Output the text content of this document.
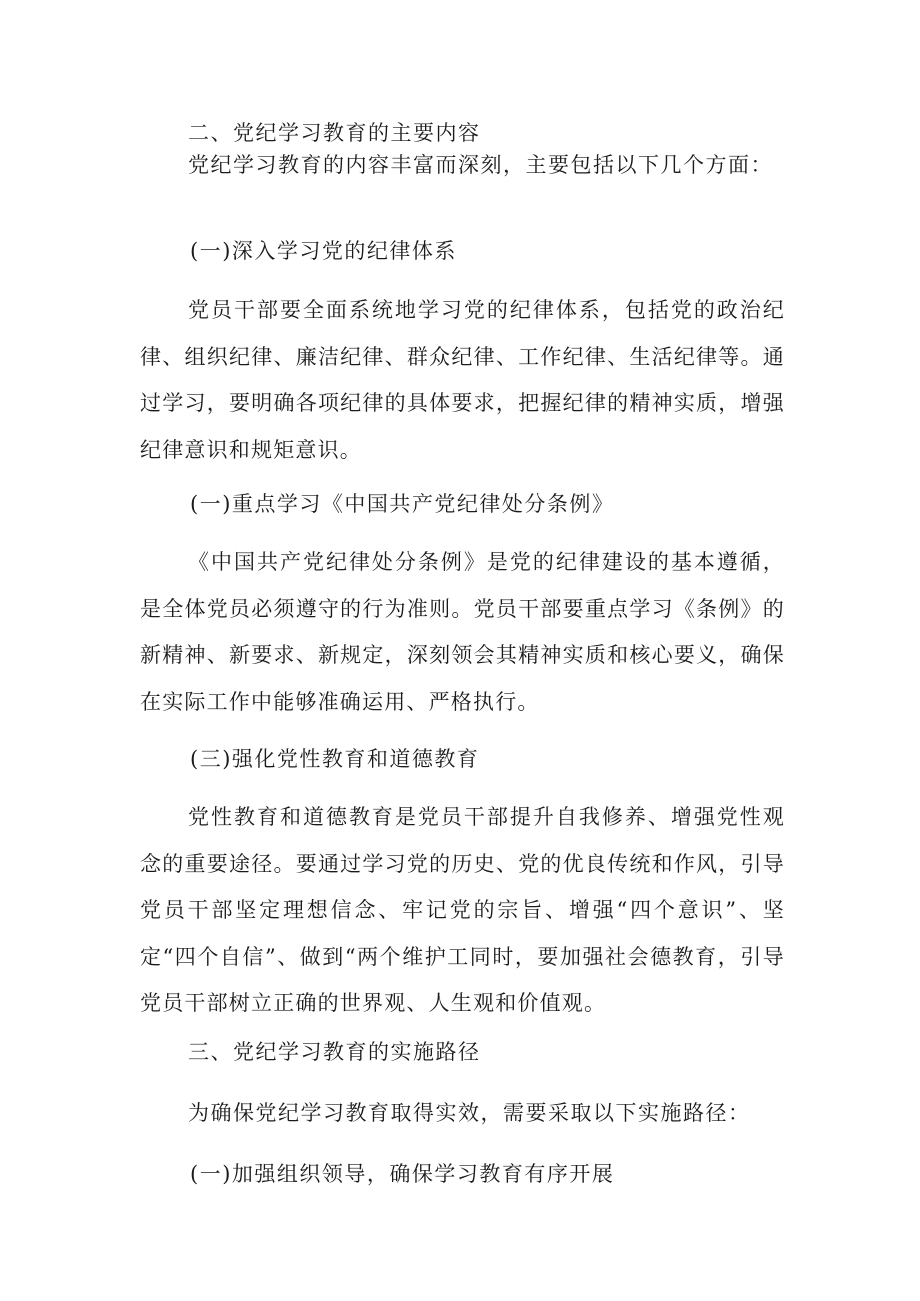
二、党纪学习教育的主要内容

党纪学习教育的内容丰富而深刻，主要包括以下几个方面：

(一)深入学习党的纪律体系

党员干部要全面系统地学习党的纪律体系，包括党的政治纪律、组织纪律、廉洁纪律、群众纪律、工作纪律、生活纪律等。通过学习，要明确各项纪律的具体要求，把握纪律的精神实质，增强纪律意识和规矩意识。

(一)重点学习《中国共产党纪律处分条例》

《中国共产党纪律处分条例》是党的纪律建设的基本遵循，是全体党员必须遵守的行为准则。党员干部要重点学习《条例》的新精神、新要求、新规定，深刻领会其精神实质和核心要义，确保在实际工作中能够准确运用、严格执行。

(三)强化党性教育和道德教育

党性教育和道德教育是党员干部提升自我修养、增强党性观念的重要途径。要通过学习党的历史、党的优良传统和作风，引导党员干部坚定理想信念、牢记党的宗旨、增强“四个意识”、坚定“四个自信”、做到“两个维护工同时，要加强社会德教育，引导党员干部树立正确的世界观、人生观和价值观。

三、党纪学习教育的实施路径

为确保党纪学习教育取得实效，需要采取以下实施路径：

(一)加强组织领导，确保学习教育有序开展
